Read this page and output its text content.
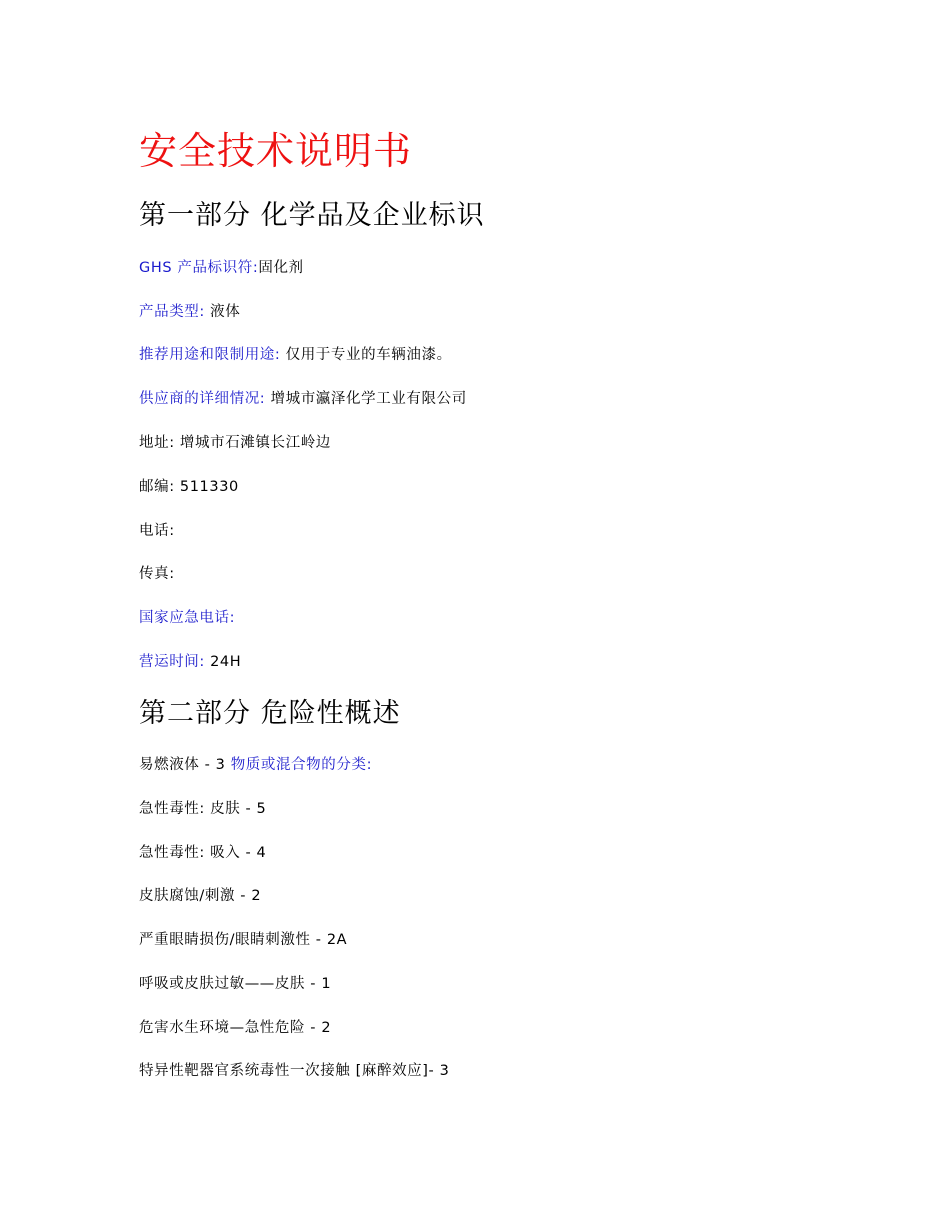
安全技术说明书
第一部分 化学品及企业标识

GHS 产品标识符:固化剂

产品类型: 液体

推荐用途和限制用途: 仅用于专业的车辆油漆。

供应商的详细情况: 增城市瀛泽化学工业有限公司

地址: 增城市石滩镇长江岭边

邮编: 511330

电话:

传真:

国家应急电话:

营运时间: 24H

第二部分 危险性概述

易燃液体 - 3 物质或混合物的分类:

急性毒性: 皮肤 - 5

急性毒性: 吸入 - 4

皮肤腐蚀/刺激 - 2

严重眼睛损伤/眼睛刺激性 - 2A

呼吸或皮肤过敏——皮肤 - 1

危害水生环境—急性危险 - 2

特异性靶器官系统毒性一次接触 [麻醉效应]- 3
